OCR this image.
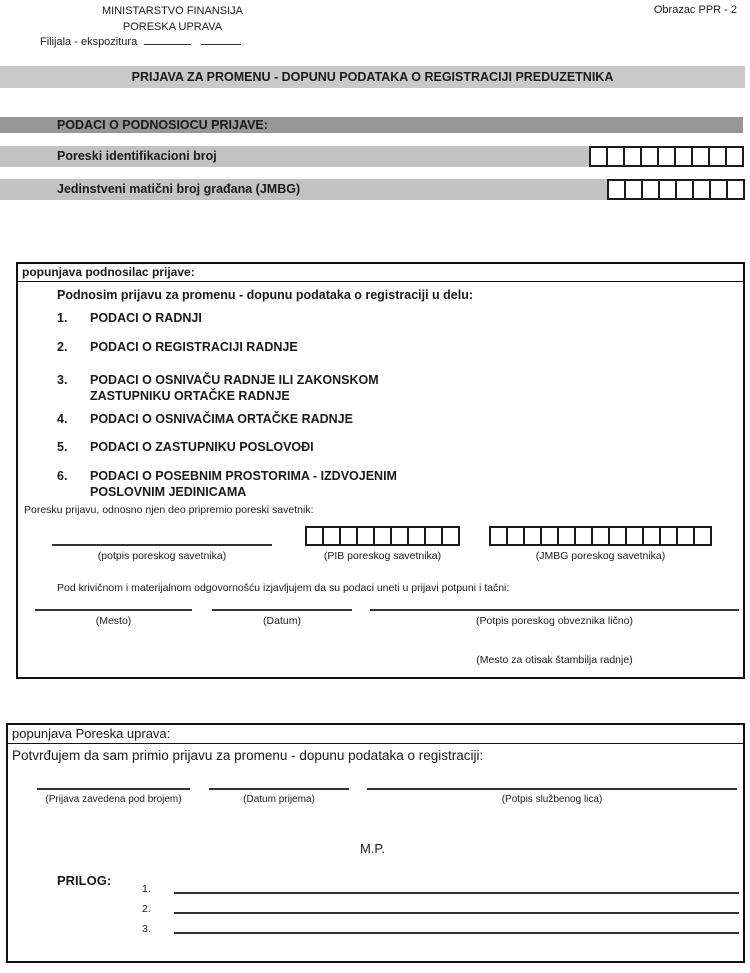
MINISTARSTVO FINANSIJA
PORESKA UPRAVA
Obrazac PPR - 2
Filijala - ekspozitura
PRIJAVA ZA PROMENU - DOPUNU PODATAKA O REGISTRACIJI PREDUZETNIKA
PODACI O PODNOSIOCU PRIJAVE:
Poreski identifikacioni broj
Jedinstveni matični broj građana (JMBG)
popunjava podnosilac prijave:
Podnosim prijavu za promenu - dopunu podataka o registraciji u delu:
1. PODACI O RADNJI
2. PODACI O REGISTRACIJI RADNJE
3. PODACI O OSNIVAČU RADNJE ILI ZAKONSKOM
ZASTUPNIKU ORTAČKE RADNJE
4. PODACI O OSNIVAČIMA ORTAČKE RADNJE
5. PODACI O ZASTUPNIKU POSLOVOĐI
6. PODACI O POSEBNIM PROSTORIMA - IZDVOJENIM
POSLOVNIM JEDINICAMA
Poresku prijavu, odnosno njen deo pripremio poreski savetnik:
(potpis poreskog savetnika)	(PIB poreskog savetnika)	(JMBG poreskog savetnika)
Pod krivičnom i materijalnom odgovornošću izjavljujem da su podaci uneti u prijavi potpuni i tačni:
(Mesto)	(Datum)	(Potpis poreskog obveznika lično)
(Mesto za otisak štambilja radnje)
popunjava Poreska uprava:
Potvrđujem da sam primio prijavu za promenu - dopunu podataka o registraciji:
(Prijava zavedena pod brojem)	(Datum prijema)	(Potpis službenog lica)
M.P.
PRILOG:
1.
2.
3.
